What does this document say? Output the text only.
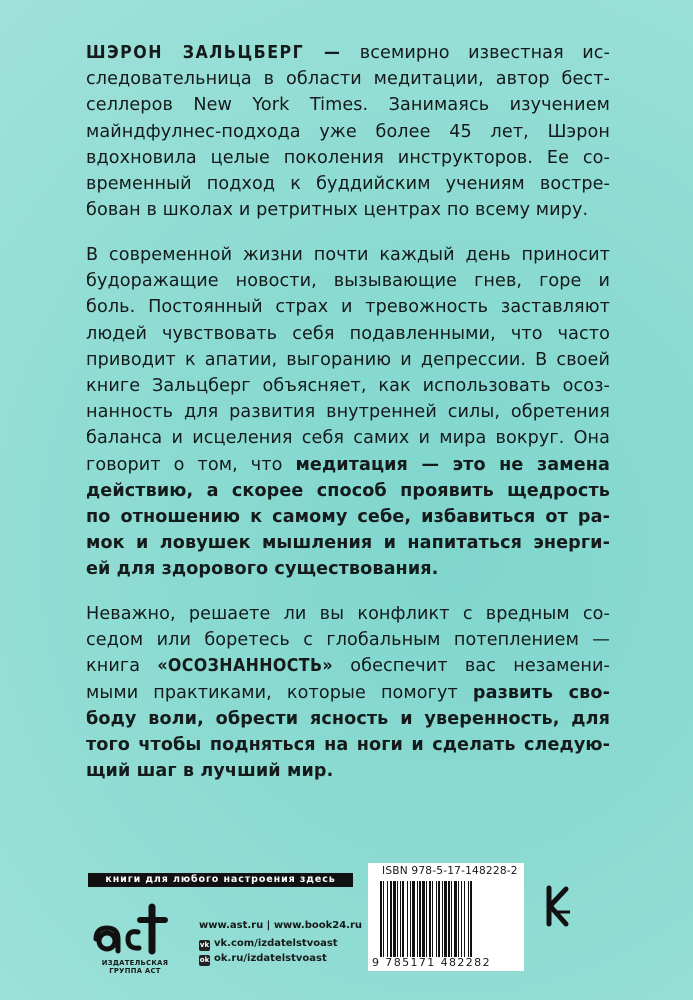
ШЭРОН ЗАЛЬЦБЕРГ — всемирно известная ис-
следовательница в области медитации, автор бест-
селлеров New York Times. Занимаясь изучением
майндфулнес-подхода уже более 45 лет, Шэрон
вдохновила целые поколения инструкторов. Ее со-
временный подход к буддийским учениям востре-
бован в школах и ретритных центрах по всему миру.
В современной жизни почти каждый день приносит
будоражащие новости, вызывающие гнев, горе и
боль. Постоянный страх и тревожность заставляют
людей чувствовать себя подавленными, что часто
приводит к апатии, выгоранию и депрессии. В своей
книге Зальцберг объясняет, как использовать осоз-
нанность для развития внутренней силы, обретения
баланса и исцеления себя самих и мира вокруг. Она
говорит о том, что медитация — это не замена
действию, а скорее способ проявить щедрость
по отношению к самому себе, избавиться от ра-
мок и ловушек мышления и напитаться энерги-
ей для здорового существования.
Неважно, решаете ли вы конфликт с вредным со-
седом или боретесь с глобальным потеплением —
книга «ОСОЗНАННОСТЬ» обеспечит вас незамени-
мыми практиками, которые помогут развить сво-
боду воли, обрести ясность и уверенность, для
того чтобы подняться на ноги и сделать следую-
щий шаг в лучший мир.
книги для любого настроения здесь
ИЗДАТЕЛЬСКАЯ ГРУППА АСТ
www.ast.ru | www.book24.ru
vk vk.com/izdatelstvoast
ok ok.ru/izdatelstvoast
ISBN 978-5-17-148228-2
9 785171 482282
